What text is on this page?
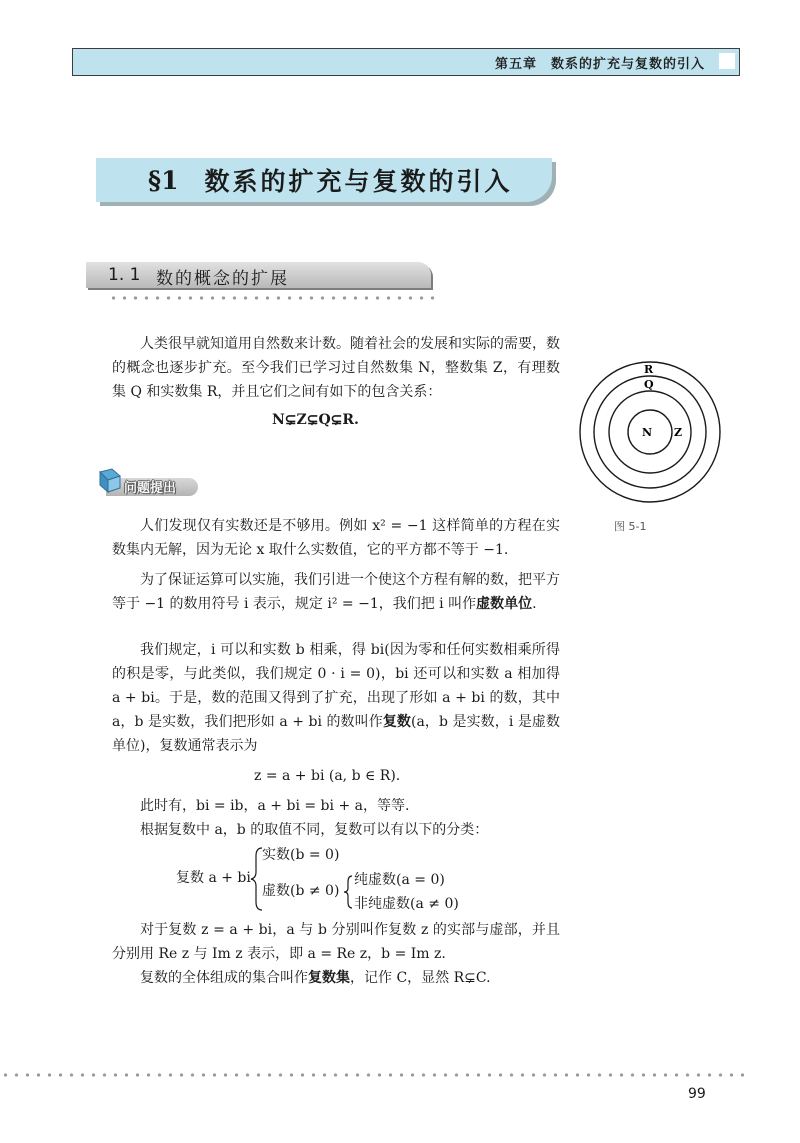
第五章　数系的扩充与复数的引入
§1 数系的扩充与复数的引入
1. 1 数的概念的扩展

人类很早就知道用自然数来计数。随着社会的发展和实际的需要，数的概念也逐步扩充。至今我们已学习过自然数集 N，整数集 Z，有理数集 Q 和实数集 R，并且它们之间有如下的包含关系：

N⊊Z⊊Q⊊R.
问题提出

人们发现仅有实数还是不够用。例如 x² = −1 这样简单的方程在实数集内无解，因为无论 x 取什么实数值，它的平方都不等于 −1.

为了保证运算可以实施，我们引进一个使这个方程有解的数，把平方等于 −1 的数用符号 i 表示，规定 i² = −1，我们把 i 叫作虚数单位.

我们规定，i 可以和实数 b 相乘，得 bi(因为零和任何实数相乘所得的积是零，与此类似，我们规定 0 · i = 0)，bi 还可以和实数 a 相加得 a + bi。于是，数的范围又得到了扩充，出现了形如 a + bi 的数，其中 a，b 是实数，我们把形如 a + bi 的数叫作复数(a，b 是实数，i 是虚数单位)，复数通常表示为

z = a + bi (a, b ∈ R).

此时有，bi = ib，a + bi = bi + a，等等.

根据复数中 a，b 的取值不同，复数可以有以下的分类：

复数 a + bi
实数(b = 0)
虚数(b ≠ 0)
纯虚数(a = 0)
非纯虚数(a ≠ 0)

对于复数 z = a + bi，a 与 b 分别叫作复数 z 的实部与虚部，并且分别用 Re z 与 Im z 表示，即 a = Re z，b = Im z.

复数的全体组成的集合叫作复数集，记作 C，显然 R⊊C.

R
Q
N Z
图 5-1
99
